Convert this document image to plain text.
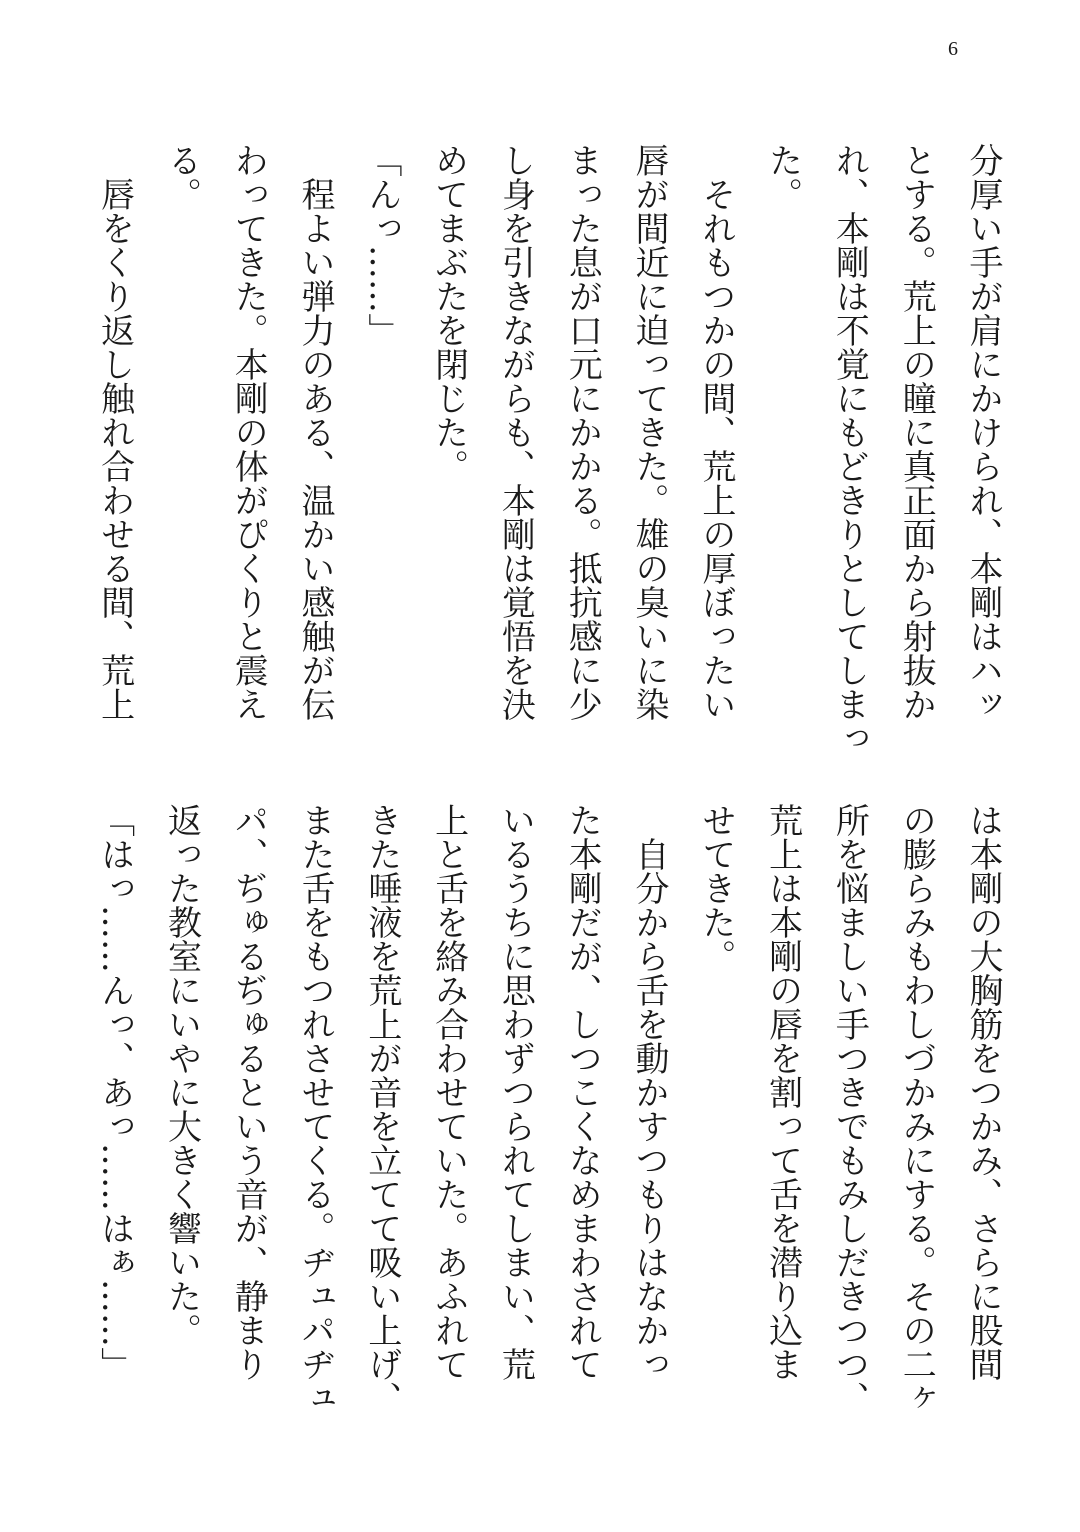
6
分厚い手が肩にかけられ、本剛はハッ
とする。荒上の瞳に真正面から射抜か
れ、本剛は不覚にもどきりとしてしまっ
た。
　それもつかの間、荒上の厚ぼったい
唇が間近に迫ってきた。雄の臭いに染
まった息が口元にかかる。抵抗感に少
し身を引きながらも、本剛は覚悟を決
めてまぶたを閉じた。
「んっ……」
　程よい弾力のある、温かい感触が伝
わってきた。本剛の体がぴくりと震え
る。
　唇をくり返し触れ合わせる間、荒上
は本剛の大胸筋をつかみ、さらに股間
の膨らみもわしづかみにする。その二ヶ
所を悩ましい手つきでもみしだきつつ、
荒上は本剛の唇を割って舌を潜り込ま
せてきた。
　自分から舌を動かすつもりはなかっ
た本剛だが、しつこくなめまわされて
いるうちに思わずつられてしまい、荒
上と舌を絡み合わせていた。あふれて
きた唾液を荒上が音を立てて吸い上げ、
また舌をもつれさせてくる。ヂュパヂュ
パ、ぢゅるぢゅるという音が、静まり
返った教室にいやに大きく響いた。
「はっ……んっ、あっ……はぁ……」
